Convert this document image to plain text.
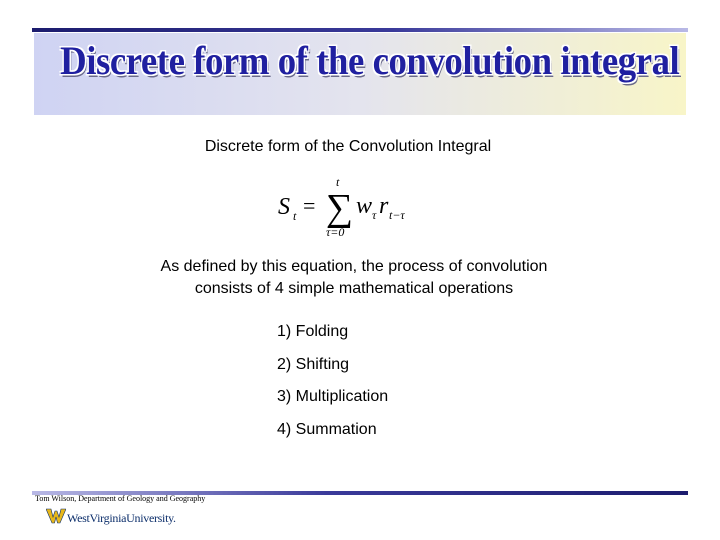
Discrete form of the convolution integral
Discrete form of the Convolution Integral
S t =
t
∑
τ=0
w τ r t−τ
As defined by this equation, the process of convolution
consists of 4 simple mathematical operations
1) Folding
2) Shifting
3) Multiplication
4) Summation
Tom Wilson, Department of Geology and Geography
WestVirginiaUniversity.
